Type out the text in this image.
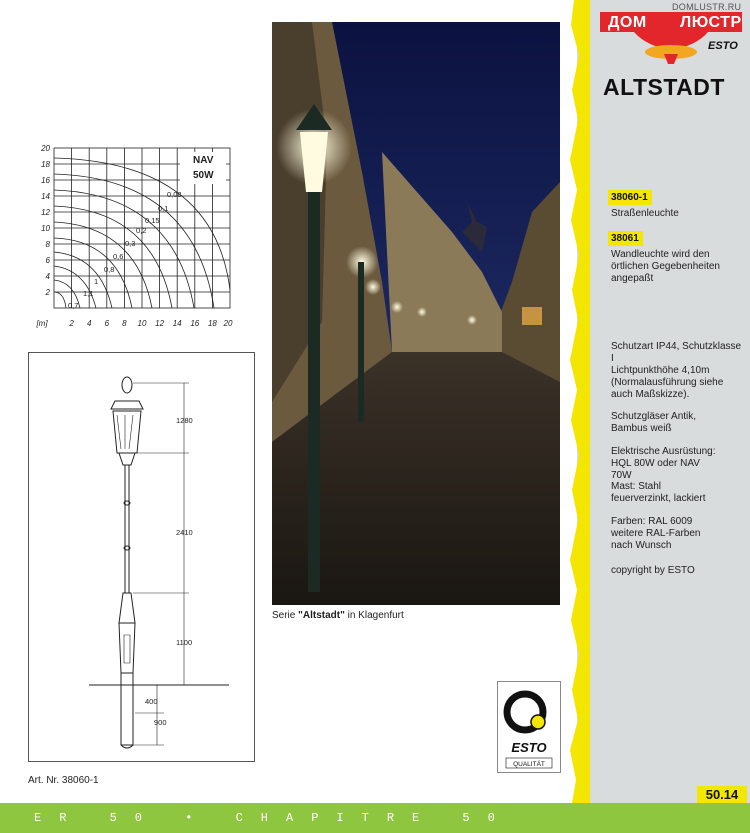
DOMLUSTR.RU
ДОМ ЛЮСТР
ESTO
ALTSTADT
38060-1
Straßenleuchte
38061
Wandleuchte wird den örtlichen Gegebenheiten angepaßt
Schutzart IP44, Schutzklasse I
Lichtpunkthöhe 4,10m (Normalausführung siehe auch Maßskizze).
Schutzgläser Antik, Bambus weiß
Elektrische Ausrüstung: HQL 80W oder NAV 70W
Mast: Stahl feuerverzinkt, lackiert
Farben: RAL 6009 weitere RAL-Farben nach Wunsch
copyright by ESTO
Serie "Altstadt" in Klagenfurt
NAV
50W
20
18
16
14
12
10
8
6
4
2
[m]	2 4 6 8 10 12 14 16 18 20
0,7
1,1
1
0,8
0,6
0,3
0,2
0,15
0,1
0,08
1280
2410
1100
400
900
Art. Nr. 38060-1
ESTO
QUALITÄT
50.14
ER 50 • CHAPITRE 50
